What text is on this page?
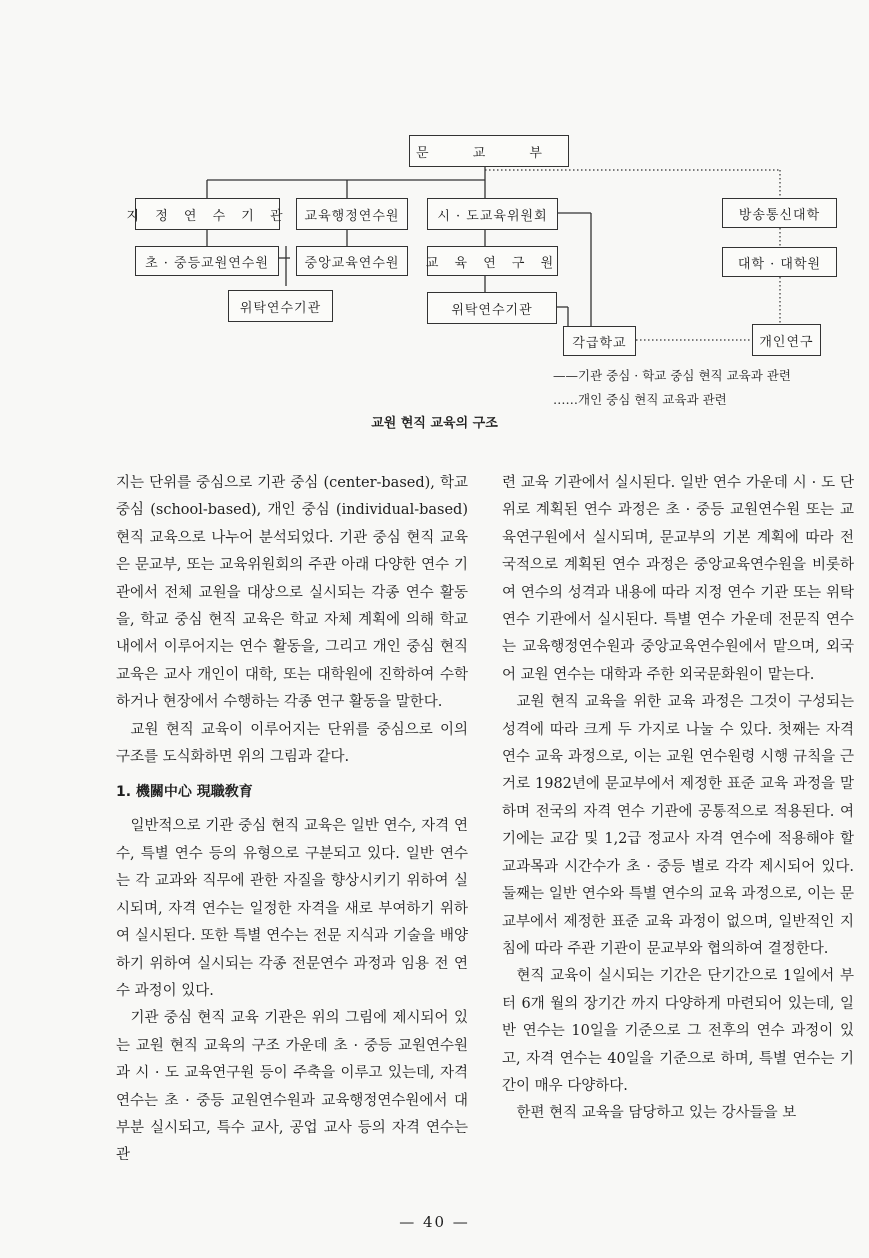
문 교 부
지 정 연 수 기 관	교육행정연수원	시 · 도교육위원회	방송통신대학
초 · 중등교원연수원	중앙교육연수원	교 육 연 구 원	대학 · 대학원
위탁연수기관	위탁연수기관
각급학교	개인연구
——기관 중심 · 학교 중심 현직 교육과 관련
……개인 중심 현직 교육과 관련
교원 현직 교육의 구조

지는 단위를 중심으로 기관 중심 (center-based), 학교 중심 (school-based), 개인 중심 (individual-based) 현직 교육으로 나누어 분석되었다. 기관 중심 현직 교육은 문교부, 또는 교육위원회의 주관 아래 다양한 연수 기관에서 전체 교원을 대상으로 실시되는 각종 연수 활동을, 학교 중심 현직 교육은 학교 자체 계획에 의해 학교 내에서 이루어지는 연수 활동을, 그리고 개인 중심 현직 교육은 교사 개인이 대학, 또는 대학원에 진학하여 수학하거나 현장에서 수행하는 각종 연구 활동을 말한다.

교원 현직 교육이 이루어지는 단위를 중심으로 이의 구조를 도식화하면 위의 그림과 같다.

1. 機關中心 現職敎育

일반적으로 기관 중심 현직 교육은 일반 연수, 자격 연수, 특별 연수 등의 유형으로 구분되고 있다. 일반 연수는 각 교과와 직무에 관한 자질을 향상시키기 위하여 실시되며, 자격 연수는 일정한 자격을 새로 부여하기 위하여 실시된다. 또한 특별 연수는 전문 지식과 기술을 배양하기 위하여 실시되는 각종 전문연수 과정과 임용 전 연수 과정이 있다.

기관 중심 현직 교육 기관은 위의 그림에 제시되어 있는 교원 현직 교육의 구조 가운데 초 · 중등 교원연수원과 시 · 도 교육연구원 등이 주축을 이루고 있는데, 자격 연수는 초 · 중등 교원연수원과 교육행정연수원에서 대부분 실시되고, 특수 교사, 공업 교사 등의 자격 연수는 관

련 교육 기관에서 실시된다. 일반 연수 가운데 시 · 도 단위로 계획된 연수 과정은 초 · 중등 교원연수원 또는 교육연구원에서 실시되며, 문교부의 기본 계획에 따라 전국적으로 계획된 연수 과정은 중앙교육연수원을 비롯하여 연수의 성격과 내용에 따라 지정 연수 기관 또는 위탁 연수 기관에서 실시된다. 특별 연수 가운데 전문직 연수는 교육행정연수원과 중앙교육연수원에서 맡으며, 외국어 교원 연수는 대학과 주한 외국문화원이 맡는다.

교원 현직 교육을 위한 교육 과정은 그것이 구성되는 성격에 따라 크게 두 가지로 나눌 수 있다. 첫째는 자격 연수 교육 과정으로, 이는 교원 연수원령 시행 규칙을 근거로 1982년에 문교부에서 제정한 표준 교육 과정을 말하며 전국의 자격 연수 기관에 공통적으로 적용된다. 여기에는 교감 및 1,2급 정교사 자격 연수에 적용해야 할 교과목과 시간수가 초 · 중등 별로 각각 제시되어 있다. 둘째는 일반 연수와 특별 연수의 교육 과정으로, 이는 문교부에서 제정한 표준 교육 과정이 없으며, 일반적인 지침에 따라 주관 기관이 문교부와 협의하여 결정한다.

현직 교육이 실시되는 기간은 단기간으로 1일에서 부터 6개 월의 장기간 까지 다양하게 마련되어 있는데, 일반 연수는 10일을 기준으로 그 전후의 연수 과정이 있고, 자격 연수는 40일을 기준으로 하며, 특별 연수는 기간이 매우 다양하다.

한편 현직 교육을 담당하고 있는 강사들을 보

— 40 —
